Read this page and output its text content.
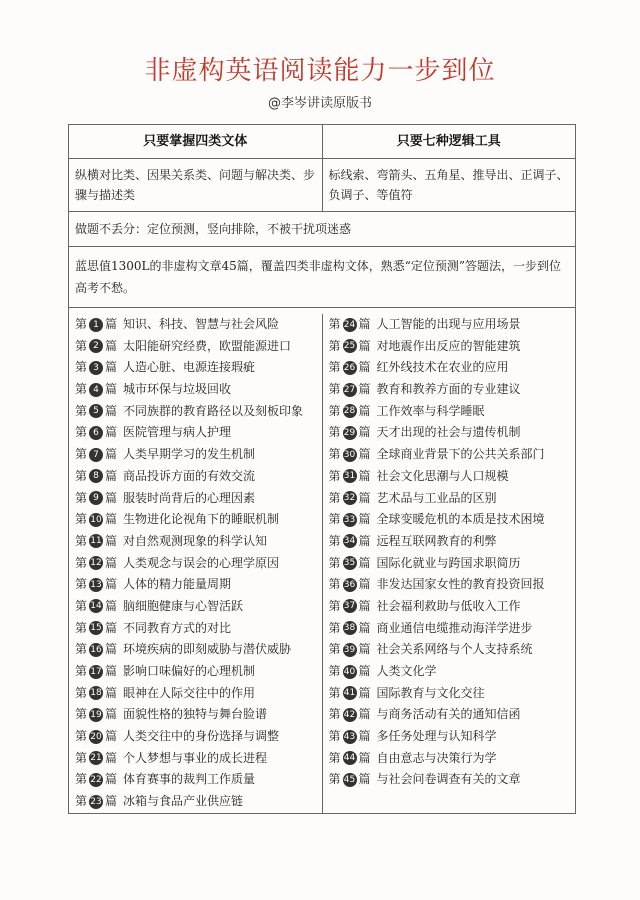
非虚构英语阅读能力一步到位
@李岑讲读原版书
只要掌握四类文体	只要七种逻辑工具
纵横对比类、因果关系类、问题与解决类、步骤与描述类
标线索、弯箭头、五角星、推导出、正调子、负调子、等值符
做题不丢分：定位预测，竖向排除，不被干扰项迷惑
蓝思值1300L的非虚构文章45篇，覆盖四类非虚构文体，熟悉“定位预测”答题法，一步到位高考不愁。
第 1 篇 知识、科技、智慧与社会风险
第 2 篇 太阳能研究经费，欧盟能源进口
第 3 篇 人造心脏、电源连接瑕疵
第 4 篇 城市环保与垃圾回收
第 5 篇 不同族群的教育路径以及刻板印象
第 6 篇 医院管理与病人护理
第 7 篇 人类早期学习的发生机制
第 8 篇 商品投诉方面的有效交流
第 9 篇 服装时尚背后的心理因素
第 10 篇 生物进化论视角下的睡眠机制
第 11 篇 对自然观测现象的科学认知
第 12 篇 人类观念与误会的心理学原因
第 13 篇 人体的精力能量周期
第 14 篇 脑细胞健康与心智活跃
第 15 篇 不同教育方式的对比
第 16 篇 环境疾病的即刻威胁与潜伏威胁
第 17 篇 影响口味偏好的心理机制
第 18 篇 眼神在人际交往中的作用
第 19 篇 面貌性格的独特与舞台脸谱
第 20 篇 人类交往中的身份选择与调整
第 21 篇 个人梦想与事业的成长进程
第 22 篇 体育赛事的裁判工作质量
第 23 篇 冰箱与食品产业供应链
第 24 篇 人工智能的出现与应用场景
第 25 篇 对地震作出反应的智能建筑
第 26 篇 红外线技术在农业的应用
第 27 篇 教育和教养方面的专业建议
第 28 篇 工作效率与科学睡眠
第 29 篇 天才出现的社会与遗传机制
第 30 篇 全球商业背景下的公共关系部门
第 31 篇 社会文化思潮与人口规模
第 32 篇 艺术品与工业品的区别
第 33 篇 全球变暖危机的本质是技术困境
第 34 篇 远程互联网教育的利弊
第 35 篇 国际化就业与跨国求职简历
第 36 篇 非发达国家女性的教育投资回报
第 37 篇 社会福利救助与低收入工作
第 38 篇 商业通信电缆推动海洋学进步
第 39 篇 社会关系网络与个人支持系统
第 40 篇 人类文化学
第 41 篇 国际教育与文化交往
第 42 篇 与商务活动有关的通知信函
第 43 篇 多任务处理与认知科学
第 44 篇 自由意志与决策行为学
第 45 篇 与社会问卷调查有关的文章
